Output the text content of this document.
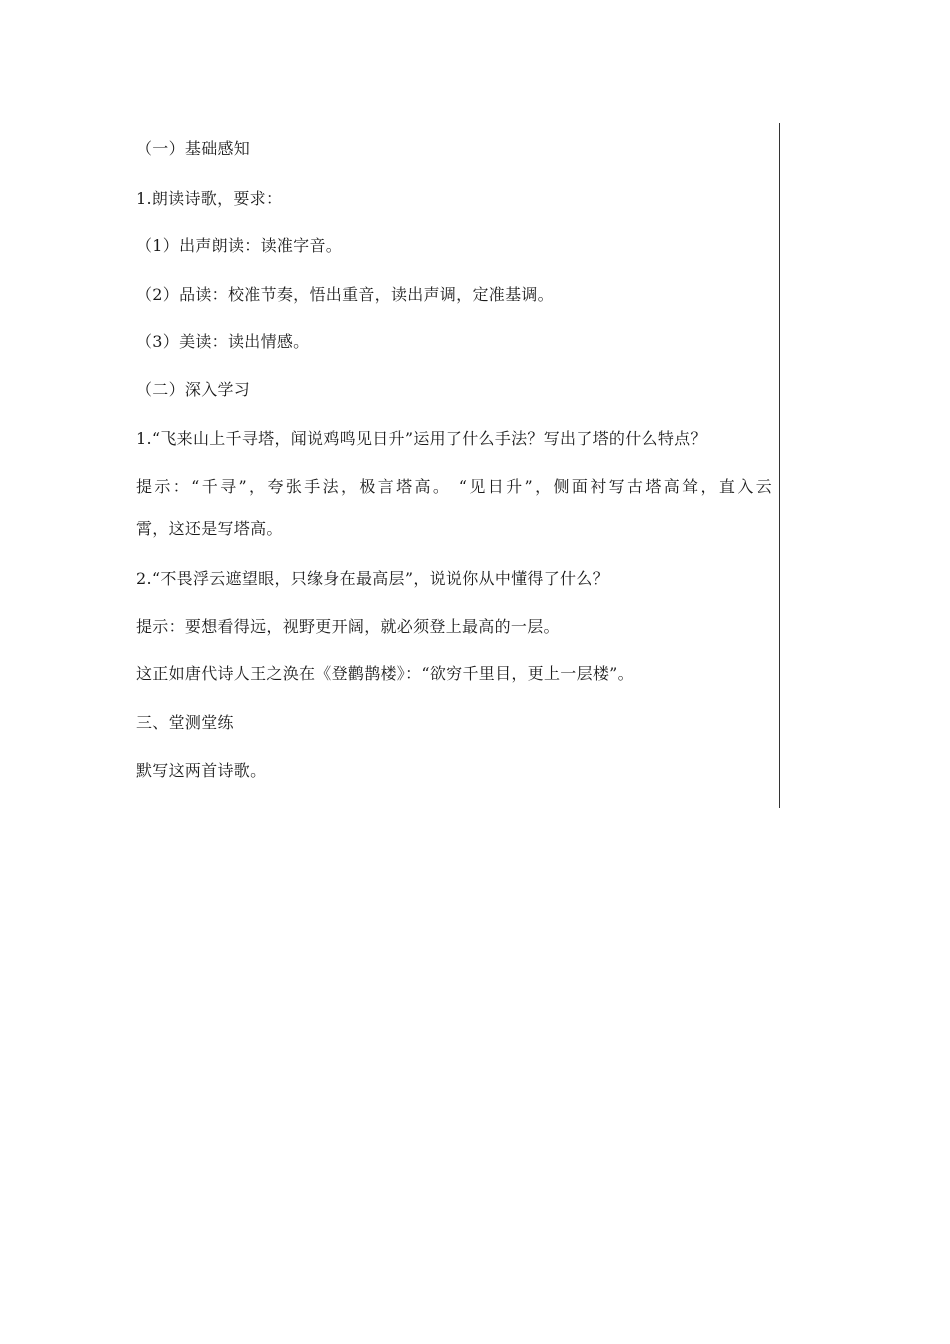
（一）基础感知
1.朗读诗歌，要求：
（1）出声朗读：读准字音。
（2）品读：校准节奏，悟出重音，读出声调，定准基调。
（3）美读：读出情感。
（二）深入学习
1.“飞来山上千寻塔，闻说鸡鸣见日升”运用了什么手法？写出了塔的什么特点？
提示：“千寻”，夸张手法，极言塔高。 “见日升”，侧面衬写古塔高耸，直入云
霄，这还是写塔高。
2.“不畏浮云遮望眼，只缘身在最高层”，说说你从中懂得了什么？
提示：要想看得远，视野更开阔，就必须登上最高的一层。
这正如唐代诗人王之涣在《登鹳鹊楼》：“欲穷千里目，更上一层楼”。
三、堂测堂练
默写这两首诗歌。
